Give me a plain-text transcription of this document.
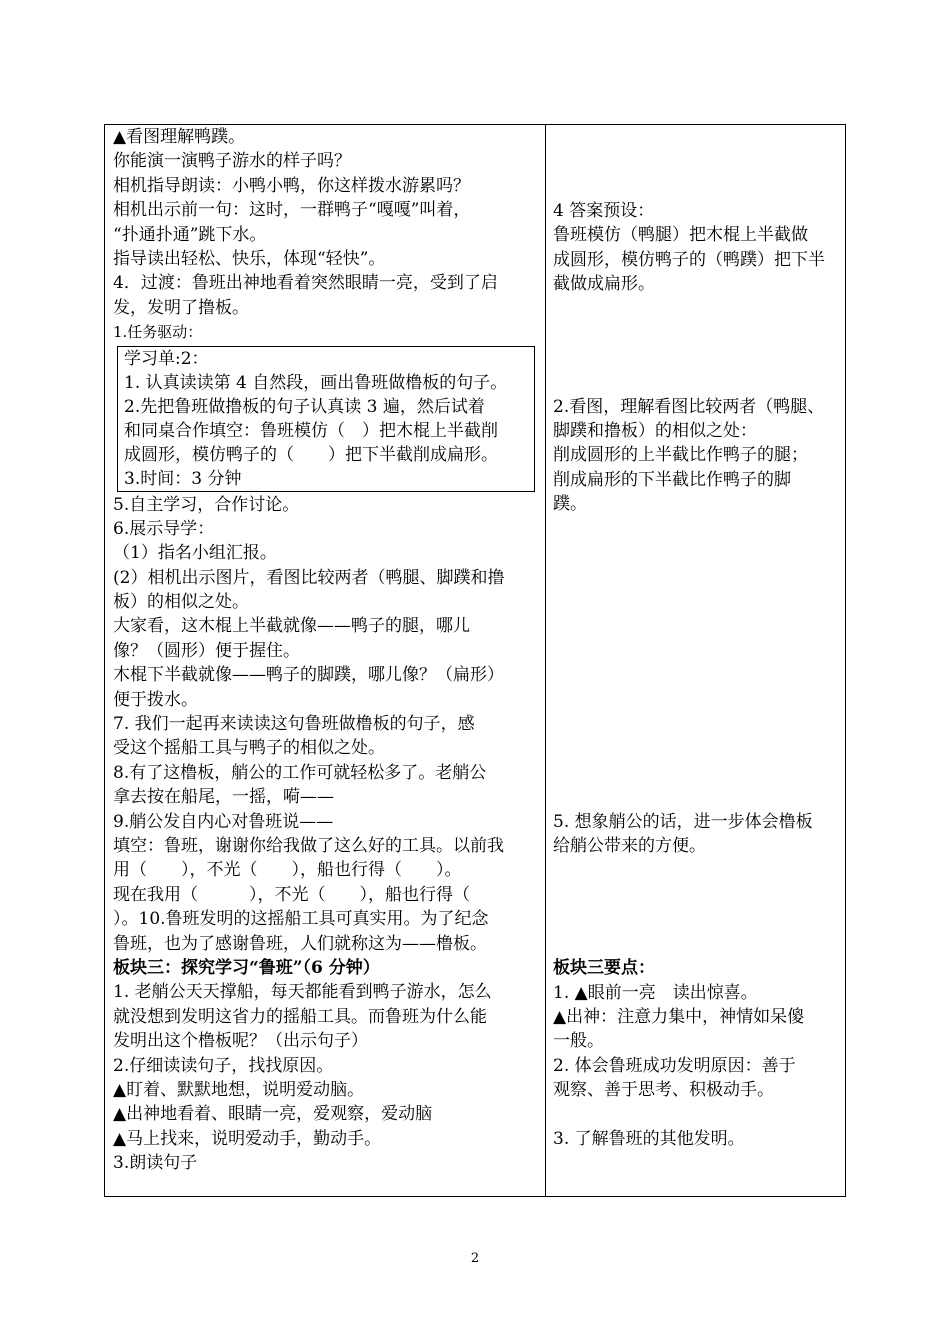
▲看图理解鸭蹼。
你能演一演鸭子游水的样子吗？
相机指导朗读：小鸭小鸭，你这样拨水游累吗？
相机出示前一句：这时，一群鸭子“嘎嘎”叫着，
“扑通扑通”跳下水。
指导读出轻松、快乐，体现“轻快”。
4．过渡：鲁班出神地看着突然眼睛一亮，受到了启
发，发明了撸板。
1.任务驱动：
学习单:2：
1. 认真读读第 4 自然段，画出鲁班做橹板的句子。
2.先把鲁班做撸板的句子认真读 3 遍，然后试着
和同桌合作填空：鲁班模仿（　）把木棍上半截削
成圆形，模仿鸭子的（　　）把下半截削成扁形。
3.时间：3 分钟
5.自主学习，合作讨论。
6.展示导学：
（1）指名小组汇报。
(2）相机出示图片，看图比较两者（鸭腿、脚蹼和撸
板）的相似之处。
大家看，这木棍上半截就像——鸭子的腿，哪儿
像？（圆形）便于握住。
木棍下半截就像——鸭子的脚蹼，哪儿像？（扁形）
便于拨水。
7. 我们一起再来读读这句鲁班做橹板的句子，感
受这个摇船工具与鸭子的相似之处。
8.有了这橹板，艄公的工作可就轻松多了。老艄公
拿去按在船尾，一摇，嗬——
9.艄公发自内心对鲁班说——
填空：鲁班，谢谢你给我做了这么好的工具。以前我
用（　　），不光（　　），船也行得（　　）。
现在我用（　　　），不光（　　），船也行得（
）。10.鲁班发明的这摇船工具可真实用。为了纪念
鲁班，也为了感谢鲁班，人们就称这为——橹板。
板块三：探究学习“鲁班”（6 分钟）
1. 老艄公天天撑船，每天都能看到鸭子游水，怎么
就没想到发明这省力的摇船工具。而鲁班为什么能
发明出这个橹板呢？（出示句子）
2.仔细读读句子，找找原因。
▲盯着、默默地想，说明爱动脑。
▲出神地看着、眼睛一亮，爱观察，爱动脑
▲马上找来，说明爱动手，勤动手。
3.朗读句子
4 答案预设：
鲁班模仿（鸭腿）把木棍上半截做
成圆形，模仿鸭子的（鸭蹼）把下半
截做成扁形。
2.看图，理解看图比较两者（鸭腿、
脚蹼和撸板）的相似之处：
削成圆形的上半截比作鸭子的腿；
削成扁形的下半截比作鸭子的脚
蹼。
5. 想象艄公的话，进一步体会橹板
给艄公带来的方便。
板块三要点：
1. ▲眼前一亮　读出惊喜。
▲出神：注意力集中，神情如呆傻
一般。
2. 体会鲁班成功发明原因：善于
观察、善于思考、积极动手。
3. 了解鲁班的其他发明。
2
